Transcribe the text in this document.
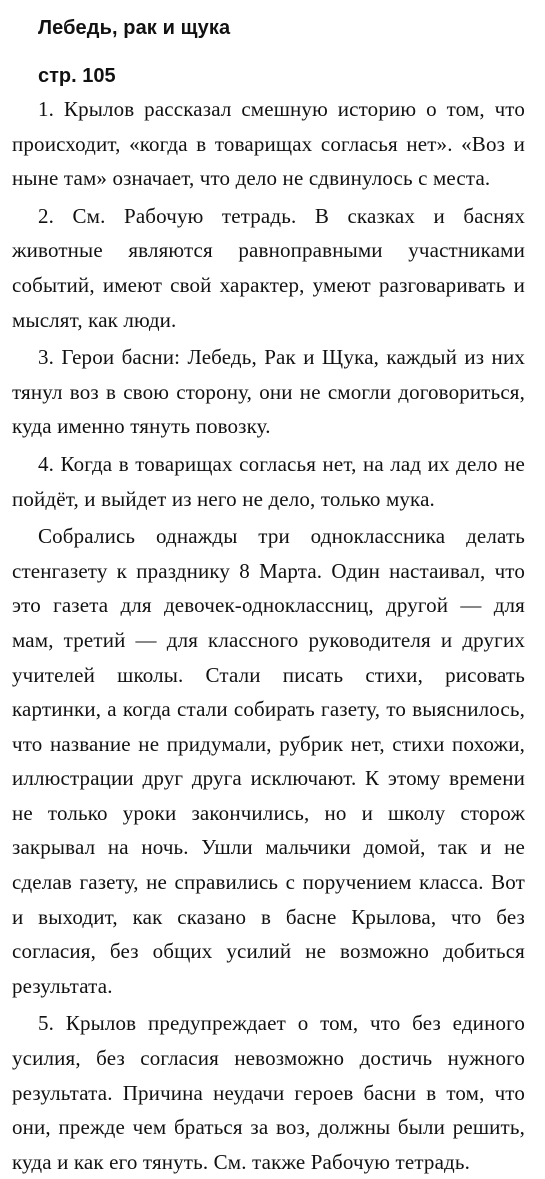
Лебедь, рак и щука
стр. 105

1. Крылов рассказал смешную историю о том, что происходит, «когда в товарищах согласья нет». «Воз и ныне там» означает, что дело не сдвинулось с места.

2. См. Рабочую тетрадь. В сказках и баснях животные являются равноправными участниками событий, имеют свой характер, умеют разговаривать и мыслят, как люди.

3. Герои басни: Лебедь, Рак и Щука, каждый из них тянул воз в свою сторону, они не смогли договориться, куда именно тянуть повозку.

4. Когда в товарищах согласья нет, на лад их дело не пойдёт, и выйдет из него не дело, только мука.

Собрались однажды три одноклассника делать стенгазету к празднику 8 Марта. Один настаивал, что это газета для девочек-одноклассниц, другой — для мам, третий — для классного руководителя и других учителей школы. Стали писать стихи, рисовать картинки, а когда стали собирать газету, то выяснилось, что название не придумали, рубрик нет, стихи похожи, иллюстрации друг друга исключают. К этому времени не только уроки закончились, но и школу сторож закрывал на ночь. Ушли мальчики домой, так и не сделав газету, не справились с поручением класса. Вот и выходит, как сказано в басне Крылова, что без согласия, без общих усилий не возможно добиться результата.

5. Крылов предупреждает о том, что без единого усилия, без согласия невозможно достичь нужного результата. Причина неудачи героев басни в том, что они, прежде чем браться за воз, должны были решить, куда и как его тянуть. См. также Рабочую тетрадь.
